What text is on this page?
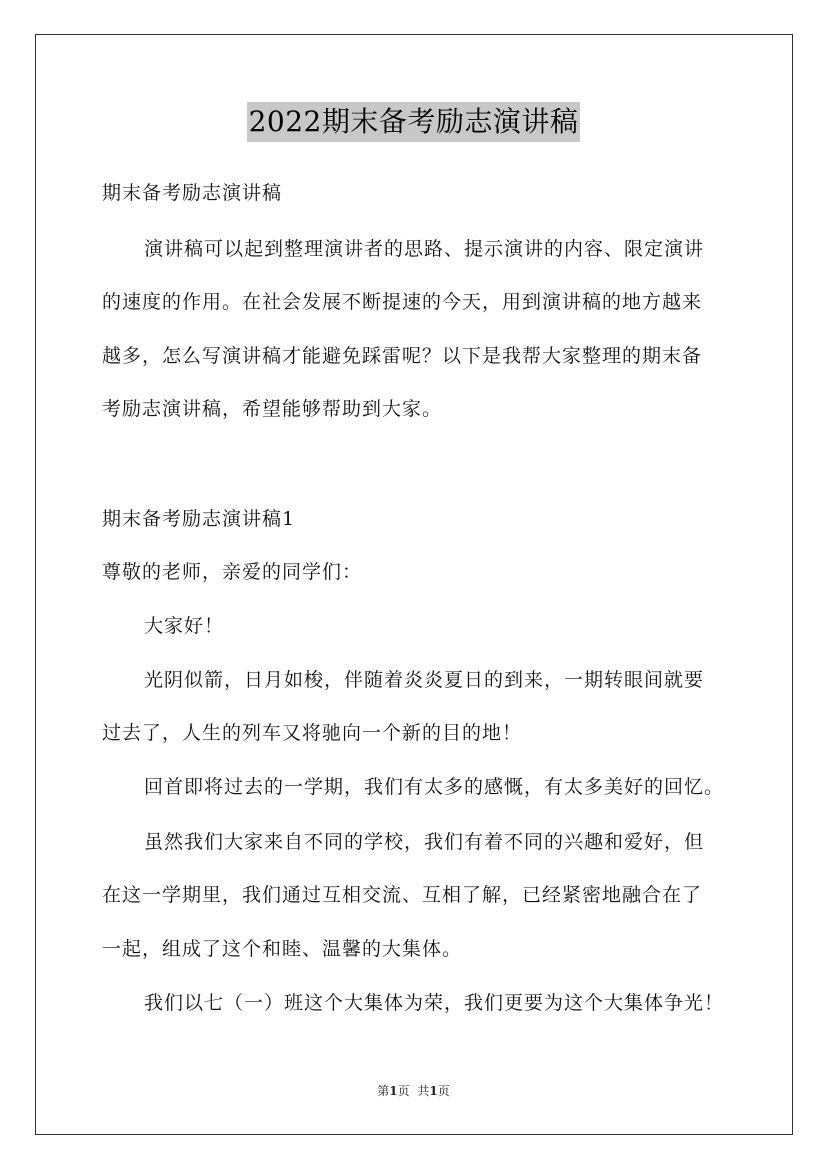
2022期末备考励志演讲稿
期末备考励志演讲稿
演讲稿可以起到整理演讲者的思路、提示演讲的内容、限定演讲
的速度的作用。在社会发展不断提速的今天，用到演讲稿的地方越来
越多，怎么写演讲稿才能避免踩雷呢？以下是我帮大家整理的期末备
考励志演讲稿，希望能够帮助到大家。
期末备考励志演讲稿1
尊敬的老师，亲爱的同学们：
大家好！
光阴似箭，日月如梭，伴随着炎炎夏日的到来，一期转眼间就要
过去了，人生的列车又将驰向一个新的目的地！
回首即将过去的一学期，我们有太多的感慨，有太多美好的回忆。
虽然我们大家来自不同的学校，我们有着不同的兴趣和爱好，但
在这一学期里，我们通过互相交流、互相了解，已经紧密地融合在了
一起，组成了这个和睦、温馨的大集体。
我们以七（一）班这个大集体为荣，我们更要为这个大集体争光！
第1页 共1页
